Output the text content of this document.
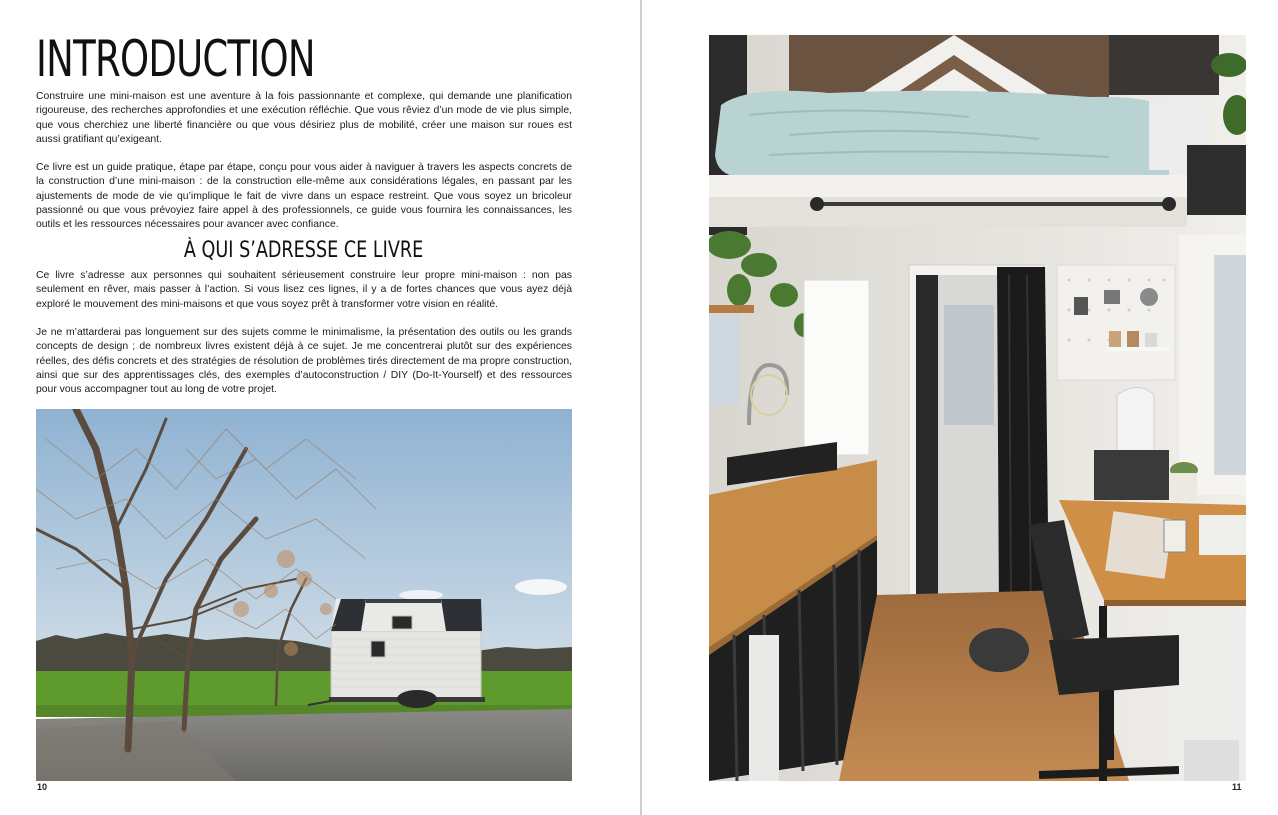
INTRODUCTION

Construire une mini-maison est une aventure à la fois passionnante et complexe, qui demande une planification rigoureuse, des recherches approfondies et une exécution réfléchie. Que vous rêviez d’un mode de vie plus simple, que vous cherchiez une liberté financière ou que vous désiriez plus de mobilité, créer une maison sur roues est aussi gratifiant qu’exigeant.

Ce livre est un guide pratique, étape par étape, conçu pour vous aider à naviguer à travers les aspects concrets de la construction d’une mini-maison : de la construction elle-même aux considérations légales, en passant par les ajustements de mode de vie qu’implique le fait de vivre dans un espace restreint. Que vous soyez un bricoleur passionné ou que vous prévoyiez faire appel à des professionnels, ce guide vous fournira les connaissances, les outils et les ressources nécessaires pour avancer avec confiance.

À QUI S’ADRESSE CE LIVRE

Ce livre s’adresse aux personnes qui souhaitent sérieusement construire leur propre mini-maison : non pas seulement en rêver, mais passer à l’action. Si vous lisez ces lignes, il y a de fortes chances que vous ayez déjà exploré le mouvement des mini-maisons et que vous soyez prêt à transformer votre vision en réalité.

Je ne m’attarderai pas longuement sur des sujets comme le minimalisme, la présentation des outils ou les grands concepts de design ; de nombreux livres existent déjà à ce sujet. Je me concentrerai plutôt sur des expériences réelles, des défis concrets et des stratégies de résolution de problèmes tirés directement de ma propre construction, ainsi que sur des apprentissages clés, des exemples d’autoconstruction / DIY (Do-It-Yourself) et des ressources pour vous accompagner tout au long de votre projet.

10	11
